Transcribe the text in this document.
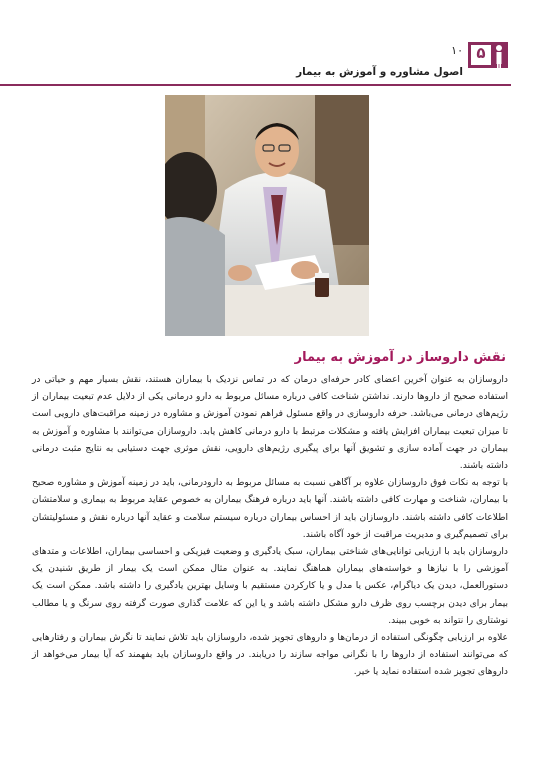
۱۰
اصول مشاوره و آموزش به بیمار
۵
نقش داروساز در آموزش به بیمار

داروسازان به عنوان آخرین اعضای کادر حرفه‌ای درمان که در تماس نزدیک با بیماران هستند، نقش بسیار مهم و حیاتی در استفاده صحیح از داروها دارند. نداشتن شناخت کافی درباره مسائل مربوط به دارو درمانی یکی از دلایل عدم تبعیت بیماران از رژیم‌های درمانی می‌باشد. حرفه داروسازی در واقع مسئول فراهم نمودن آموزش و مشاوره در زمینه مراقبت‌های دارویی است تا میزان تبعیت بیماران افزایش یافته و مشکلات مرتبط با دارو درمانی کاهش یابد. داروسازان می‌توانند با مشاوره و آموزش به بیماران در جهت آماده سازی و تشویق آنها برای پیگیری رژیم‌های دارویی، نقش موثری جهت دستیابی به نتایج مثبت درمانی داشته باشند.

با توجه به نکات فوق داروسازان علاوه بر آگاهی نسبت به مسائل مربوط به دارودرمانی، باید در زمینه آموزش و مشاوره صحیح با بیماران، شناخت و مهارت کافی داشته باشند. آنها باید درباره فرهنگ بیماران به خصوص عقاید مربوط به بیماری و سلامتشان اطلاعات کافی داشته باشند. داروسازان باید از احساس بیماران درباره سیستم سلامت و عقاید آنها درباره نقش و مسئولیتشان برای تصمیم‌گیری و مدیریت مراقبت از خود آگاه باشند.

داروسازان باید با ارزیابی توانایی‌های شناختی بیماران، سبک یادگیری و وضعیت فیزیکی و احساسی بیماران، اطلاعات و متدهای آموزشی را با نیازها و خواسته‌های بیماران هماهنگ نمایند. به عنوان مثال ممکن است یک بیمار از طریق شنیدن یک دستورالعمل، دیدن یک دیاگرام، عکس یا مدل و یا کارکردن مستقیم با وسایل بهترین یادگیری را داشته باشد. ممکن است یک بیمار برای دیدن برچسب روی ظرف دارو مشکل داشته باشد و یا این که علامت گذاری صورت گرفته روی سرنگ و یا مطالب نوشتاری را نتواند به خوبی ببیند.

علاوه بر ارزیابی چگونگی استفاده از درمان‌ها و داروهای تجویز شده، داروسازان باید تلاش نمایند تا نگرش بیماران و رفتارهایی که می‌توانند استفاده از داروها را با نگرانی مواجه سازند را دریابند. در واقع داروسازان باید بفهمند که آیا بیمار می‌خواهد از داروهای تجویز شده استفاده نماید یا خیر.
